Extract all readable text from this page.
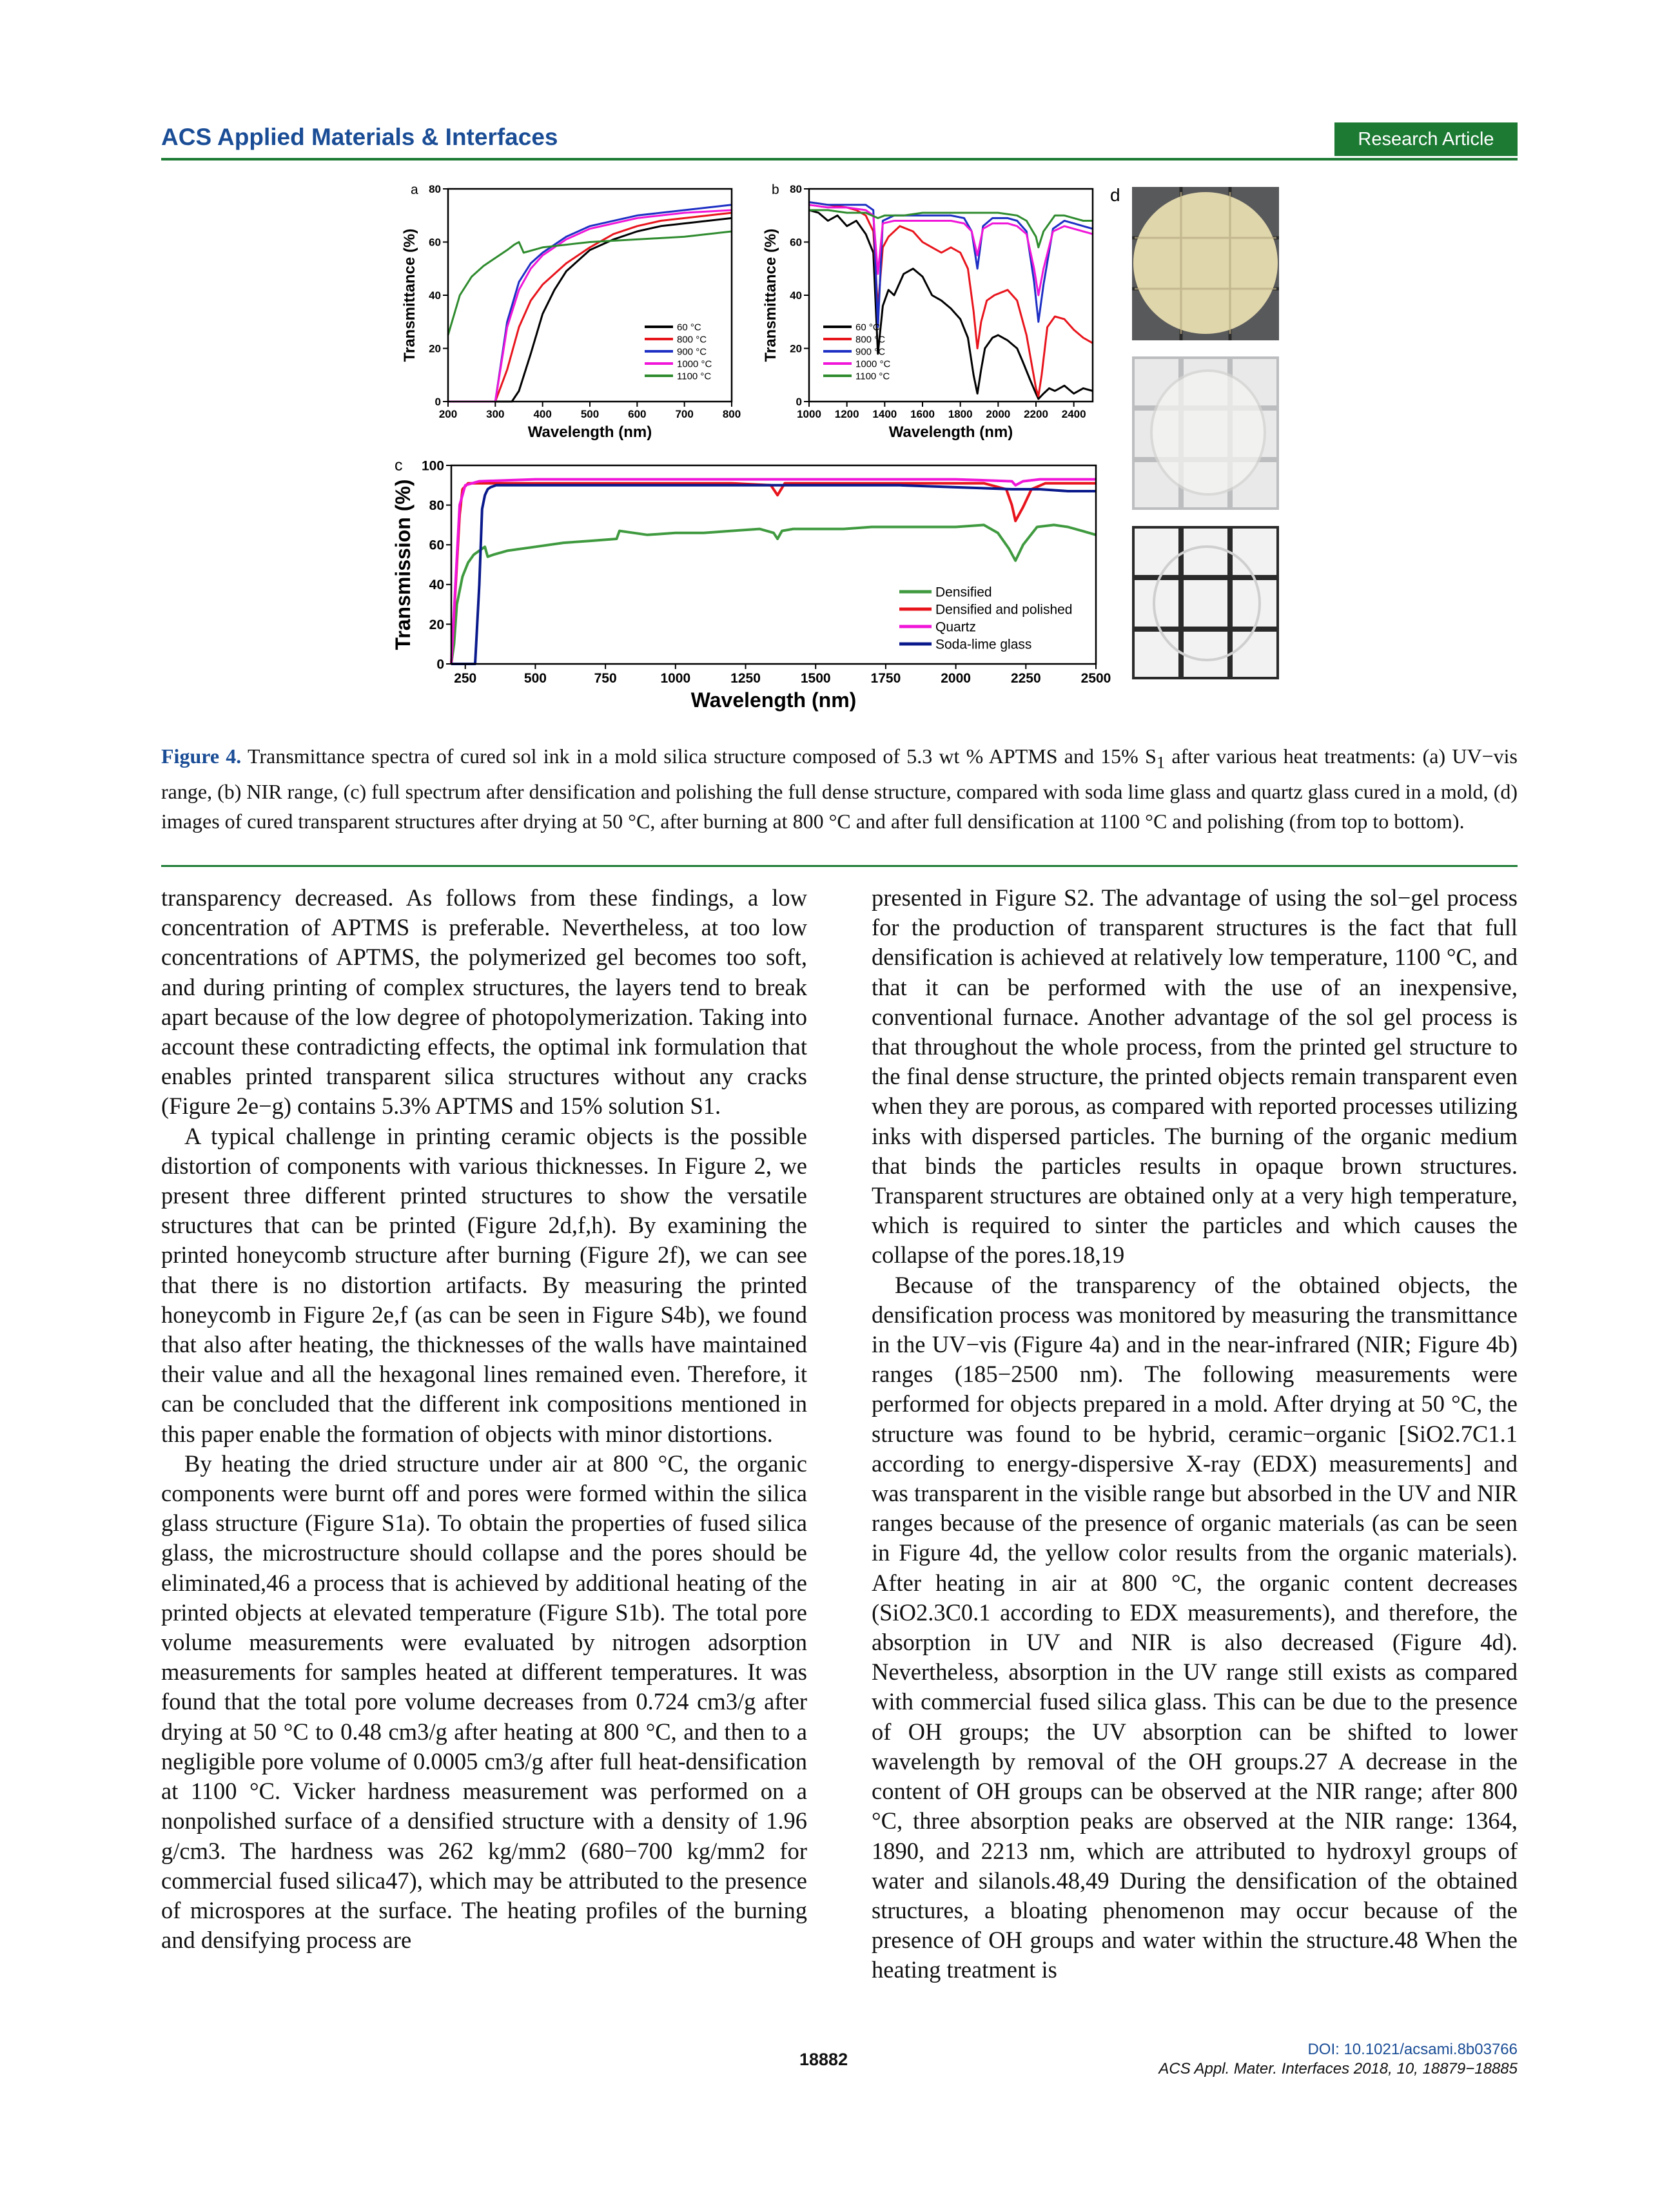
ACS Applied Materials & Interfaces	Research Article
a
200	300	400	500	600	700	800
0
20
40
60
80
Wavelength (nm)
Transmittance (%)	60 °C
800 °C
900 °C
1000 °C
1100 °C
b
1000 1200 1400 1600 1800 2000 2200 2400
0
20
40
60
80
Wavelength (nm)
Transmittance (%)	60 °C
800 °C
900 °C
1000 °C
1100 °C
c
250	500	750	1000	1250	1500	1750	2000	2250	2500
0
20
40
60
80
100
Wavelength (nm)
Transmission (%)	Densified
Densified and polished
Quartz
Soda-lime glass
d
Figure 4. Transmittance spectra of cured sol ink in a mold silica structure composed of 5.3 wt % APTMS and 15% $S_1$ after various heat treatments: (a) UV−vis range, (b) NIR range, (c) full spectrum after densification and polishing the full dense structure, compared with soda lime glass and quartz glass cured in a mold, (d) images of cured transparent structures after drying at 50 °C, after burning at 800 °C and after full densification at 1100 °C and polishing (from top to bottom).

transparency decreased. As follows from these findings, a low concentration of APTMS is preferable. Nevertheless, at too low concentrations of APTMS, the polymerized gel becomes too soft, and during printing of complex structures, the layers tend to break apart because of the low degree of photopolymerization. Taking into account these contradicting effects, the optimal ink formulation that enables printed transparent silica structures without any cracks (Figure 2e−g) contains 5.3% APTMS and 15% solution S1.

A typical challenge in printing ceramic objects is the possible distortion of components with various thicknesses. In Figure 2, we present three different printed structures to show the versatile structures that can be printed (Figure 2d,f,h). By examining the printed honeycomb structure after burning (Figure 2f), we can see that there is no distortion artifacts. By measuring the printed honeycomb in Figure 2e,f (as can be seen in Figure S4b), we found that also after heating, the thicknesses of the walls have maintained their value and all the hexagonal lines remained even. Therefore, it can be concluded that the different ink compositions mentioned in this paper enable the formation of objects with minor distortions.

By heating the dried structure under air at 800 °C, the organic components were burnt off and pores were formed within the silica glass structure (Figure S1a). To obtain the properties of fused silica glass, the microstructure should collapse and the pores should be eliminated,46 a process that is achieved by additional heating of the printed objects at elevated temperature (Figure S1b). The total pore volume measurements were evaluated by nitrogen adsorption measurements for samples heated at different temperatures. It was found that the total pore volume decreases from 0.724 cm3/g after drying at 50 °C to 0.48 cm3/g after heating at 800 °C, and then to a negligible pore volume of 0.0005 cm3/g after full heat-densification at 1100 °C. Vicker hardness measurement was performed on a nonpolished surface of a densified structure with a density of 1.96 g/cm3. The hardness was 262 kg/mm2 (680−700 kg/mm2 for commercial fused silica47), which may be attributed to the presence of microspores at the surface. The heating profiles of the burning and densifying process are

presented in Figure S2. The advantage of using the sol−gel process for the production of transparent structures is the fact that full densification is achieved at relatively low temperature, 1100 °C, and that it can be performed with the use of an inexpensive, conventional furnace. Another advantage of the sol gel process is that throughout the whole process, from the printed gel structure to the final dense structure, the printed objects remain transparent even when they are porous, as compared with reported processes utilizing inks with dispersed particles. The burning of the organic medium that binds the particles results in opaque brown structures. Transparent structures are obtained only at a very high temperature, which is required to sinter the particles and which causes the collapse of the pores.18,19

Because of the transparency of the obtained objects, the densification process was monitored by measuring the transmittance in the UV−vis (Figure 4a) and in the near-infrared (NIR; Figure 4b) ranges (185−2500 nm). The following measurements were performed for objects prepared in a mold. After drying at 50 °C, the structure was found to be hybrid, ceramic−organic [SiO2.7C1.1 according to energy-dispersive X-ray (EDX) measurements] and was transparent in the visible range but absorbed in the UV and NIR ranges because of the presence of organic materials (as can be seen in Figure 4d, the yellow color results from the organic materials). After heating in air at 800 °C, the organic content decreases (SiO2.3C0.1 according to EDX measurements), and therefore, the absorption in UV and NIR is also decreased (Figure 4d). Nevertheless, absorption in the UV range still exists as compared with commercial fused silica glass. This can be due to the presence of OH groups; the UV absorption can be shifted to lower wavelength by removal of the OH groups.27 A decrease in the content of OH groups can be observed at the NIR range; after 800 °C, three absorption peaks are observed at the NIR range: 1364, 1890, and 2213 nm, which are attributed to hydroxyl groups of water and silanols.48,49 During the densification of the obtained structures, a bloating phenomenon may occur because of the presence of OH groups and water within the structure.48 When the heating treatment is

18882
DOI: 10.1021/acsami.8b03766
ACS Appl. Mater. Interfaces 2018, 10, 18879−18885
